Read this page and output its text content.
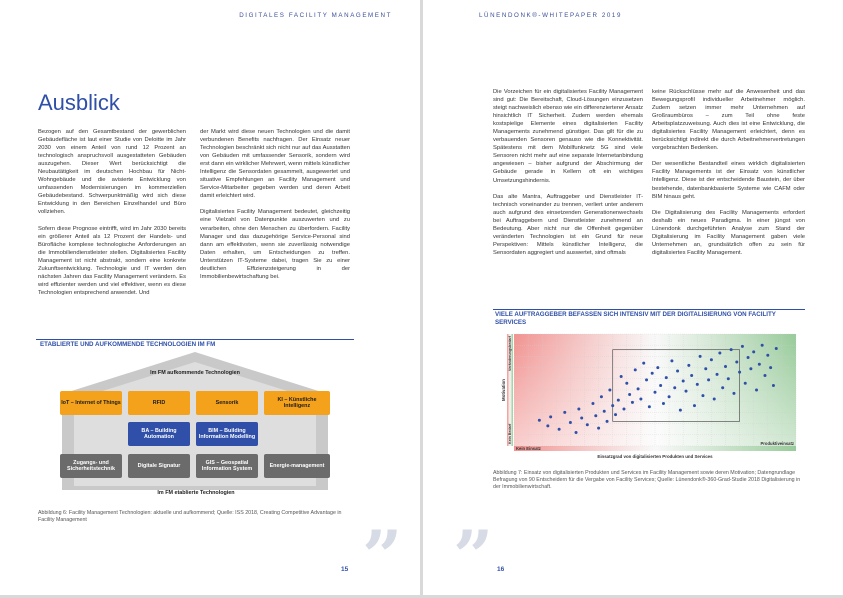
DIGITALES FACILITY MANAGEMENT
Ausblick

Bezogen auf den Gesamtbestand der gewerblichen Gebäudefläche ist laut einer Studie von Deloitte im Jahr 2030 von einem Anteil von rund 12 Prozent an technologisch anspruchsvoll ausgestatteten Gebäuden auszugehen. Dieser Wert berücksichtigt die Neubautätigkeit im deutschen Hochbau für Nicht-Wohngebäude und die avisierte Entwicklung von umfassenden Modernisierungen im kommerziellen Gebäudebestand. Schwerpunktmäßig wird sich diese Entwicklung in den Bereichen Einzelhandel und Büro vollziehen.

Sofern diese Prognose eintrifft, wird im Jahr 2030 bereits ein größerer Anteil als 12 Prozent der Handels- und Bürofläche komplexe technologische Anforderungen an die Immobiliendienstleister stellen. Digitalisiertes Facility Management ist nicht abstrakt, sondern eine konkrete Zukunftsentwicklung. Technologie und IT werden den nächsten Jahren das Facility Management verändern. Es wird effizienter werden und viel effektiver, wenn es diese Technologien entsprechend anwendet. Und

der Markt wird diese neuen Technologien und die damit verbundenen Benefits nachfragen. Der Einsatz neuer Technologien beschränkt sich nicht nur auf das Ausstatten von Gebäuden mit umfassender Sensorik, sondern wird erst dann ein wirklicher Mehrwert, wenn mittels künstlicher Intelligenz die Sensordaten gesammelt, ausgewertet und situative Empfehlungen an Facility Management und Service-Mitarbeiter gegeben werden und deren Arbeit damit erleichtert wird.

Digitalisiertes Facility Management bedeutet, gleichzeitig eine Vielzahl von Datenpunkte auszuwerten und zu verarbeiten, ohne den Menschen zu überfordern. Facility Manager und das dazugehörige Service-Personal sind dann am effektivsten, wenn sie zuverlässig notwendige Daten erhalten, um Entscheidungen zu treffen. Unterstützen IT-Systeme dabei, tragen Sie zu einer deutlichen Effizienzsteigerung in der Immobilienbewirtschaftung bei.

ETABLIERTE UND AUFKOMMENDE TECHNOLOGIEN IM FM
Im FM aufkommende Technologien
IoT – Internet of Things	RFID	Sensorik
KI – Künstliche Intelligenz
BA – Building Automation
BIM – Building Information Modelling
Zugangs- und Sicherheitstechnik
Digitale Signatur
GIS – Geospatial Information System
Energie-management
Im FM etablierte Technologien
Abbildung 6: Facility Management Technologien: aktuelle und aufkommend; Quelle: ISS 2018, Creating Competitive Advantage in Facility Management	”
15
LÜNENDONK®-WHITEPAPER 2019

Die Vorzeichen für ein digitalisiertes Facility Management sind gut: Die Bereitschaft, Cloud-Lösungen einzusetzen steigt nachweislich ebenso wie ein differenzierterer Ansatz hinsichtlich IT Sicherheit. Zudem werden ehemals kostspielige Elemente eines digitalisierten Facility Managements zunehmend günstiger. Das gilt für die zu verbauenden Sensoren genauso wie die Konnektivität. Spätestens mit dem Mobilfunknetz 5G sind viele Sensoren nicht mehr auf eine separate Internetanbindung angewiesen – bisher aufgrund der Abschirmung der Gebäude gerade in Kellern oft ein wichtiges Umsetzungshindernis.

Das alte Mantra, Auftraggeber und Dienstleister IT-technisch voneinander zu trennen, verliert unter anderem auch aufgrund des einsetzenden Generationenwechsels bei Auftraggebern und Dienstleister zunehmend an Bedeutung. Aber nicht nur die Offenheit gegenüber veränderten Technologien ist ein Grund für neue Perspektiven: Mittels künstlicher Intelligenz, die Sensordaten aggregiert und auswertet, sind oftmals

keine Rückschlüsse mehr auf die Anwesenheit und das Bewegungsprofil individueller Arbeitnehmer möglich. Zudem setzen immer mehr Unternehmen auf Großraumbüros – zum Teil ohne feste Arbeitsplatzzuweisung. Auch dies ist eine Entwicklung, die digitalisiertes Facility Management erleichtert, denn es berücksichtigt indirekt die durch Arbeitnehmervertretungen vorgebrachten Bedenken.

Der wesentliche Bestandteil eines wirklich digitalisierten Facility Managements ist der Einsatz von künstlicher Intelligenz. Diese ist der entscheidende Baustein, der über bestehende, datenbankbasierte Systeme wie CAFM oder BIM hinaus geht.

Die Digitalisierung des Facility Managements erfordert deshalb ein neues Paradigma. In einer jüngst von Lünendonk durchgeführten Analyse zum Stand der Digitalisierung im Facility Management gaben viele Unternehmen an, grundsätzlich offen zu sein für digitalisiertes Facility Management.

VIELE AUFTRAGGEBER BEFASSEN SICH INTENSIV MIT DER DIGITALISIERUNG VON FACILITY SERVICES
Abbildung 7: Einsatz von digitalisierten Produkten und Services im Facility Management sowie deren Motivation; Datengrundlage Befragung von 90 Entscheidern für die Vergabe von Facility Services; Quelle: Lünendonk®-360-Grad-Studie 2018 Digitalisierung in der Immobilienwirtschaft.
” 16
Kein Einsatz
Produktiveinsatz
Einsatzgrad von digitalisierten Produkten und Services
Motivation
Veränderungsbedarf
Kein Bedarf
